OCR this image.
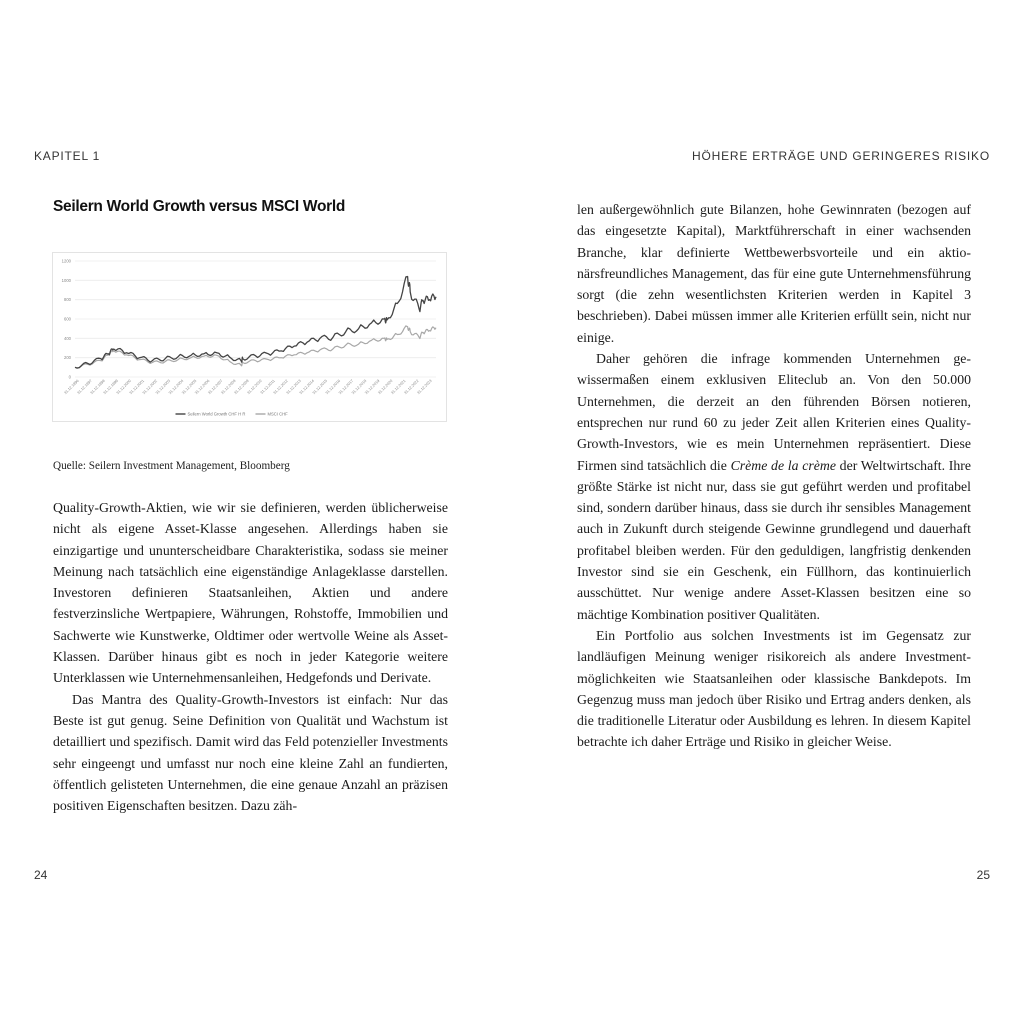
KAPITEL 1	HÖHERE ERTRÄGE UND GERINGERES RISIKO
Seilern World Growth versus MSCI World
0
200
400
600
800
1000
1200
31.12.1996
31.12.1997
31.12.1998
31.12.1999
31.12.2000
31.12.2001
31.12.2002
31.12.2003
31.12.2004
31.12.2005
31.12.2006
31.12.2007
31.12.2008
31.12.2009
31.12.2010
31.12.2011
31.12.2012
31.12.2013
31.12.2014
31.12.2015
31.12.2016
31.12.2017
31.12.2018
31.12.2019
31.12.2020
31.12.2021
31.12.2022
31.12.2023
Seilern World Growth CHF H R	MSCI CHF
Quelle: Seilern Investment Management, Bloomberg

Quality-Growth-Aktien, wie wir sie definieren, werden üblicherweise nicht als eigene Asset-Klasse angesehen. Allerdings haben sie einzigartige und ununterscheidbare Charakteristika, sodass sie meiner Meinung nach tatsächlich eine eigenständige Anlageklasse darstellen. Investoren definieren Staatsanleihen, Aktien und andere festverzinsliche Wertpapiere, Währungen, Rohstoffe, Immobilien und Sachwerte wie Kunstwerke, Oldtimer oder wertvolle Weine als Asset-Klassen. Darüber hinaus gibt es noch in jeder Kategorie weitere Unterklassen wie Unternehmensanleihen, Hedgefonds und Derivate.

Das Mantra des Quality-Growth-Investors ist einfach: Nur das Beste ist gut genug. Seine Definition von Qualität und Wachstum ist detailliert und spezifisch. Damit wird das Feld potenzieller Investments sehr eingeengt und umfasst nur noch eine kleine Zahl an fundierten, öffentlich gelisteten Unternehmen, die eine genaue Anzahl an präzisen positiven Eigenschaften besitzen. Dazu zäh-

len außergewöhnlich gute Bilanzen, hohe Gewinnraten (bezogen auf das eingesetzte Kapital), Marktführerschaft in einer wachsenden Branche, klar definierte Wettbewerbsvorteile und ein aktionärsfreundliches Management, das für eine gute Unternehmensführung sorgt (die zehn wesentlichsten Kriterien werden in Kapitel 3 beschrieben). Dabei müssen immer alle Kriterien erfüllt sein, nicht nur einige.

Daher gehören die infrage kommenden Unternehmen gewissermaßen einem exklusiven Eliteclub an. Von den 50.000 Unternehmen, die derzeit an den führenden Börsen notieren, entsprechen nur rund 60 zu jeder Zeit allen Kriterien eines Quality-Growth-Investors, wie es mein Unternehmen repräsentiert. Diese Firmen sind tatsächlich die Crème de la crème der Weltwirtschaft. Ihre größte Stärke ist nicht nur, dass sie gut geführt werden und profitabel sind, sondern darüber hinaus, dass sie durch ihr sensibles Management auch in Zukunft durch steigende Gewinne grundlegend und dauerhaft profitabel bleiben werden. Für den geduldigen, langfristig denkenden Investor sind sie ein Geschenk, ein Füllhorn, das kontinuierlich ausschüttet. Nur wenige andere Asset-Klassen besitzen eine so mächtige Kombination positiver Qualitäten.

Ein Portfolio aus solchen Investments ist im Gegensatz zur landläufigen Meinung weniger risikoreich als andere Investmentmöglichkeiten wie Staatsanleihen oder klassische Bankdepots. Im Gegenzug muss man jedoch über Risiko und Ertrag anders denken, als die traditionelle Literatur oder Ausbildung es lehren. In diesem Kapitel betrachte ich daher Erträge und Risiko in gleicher Weise.

24	25
